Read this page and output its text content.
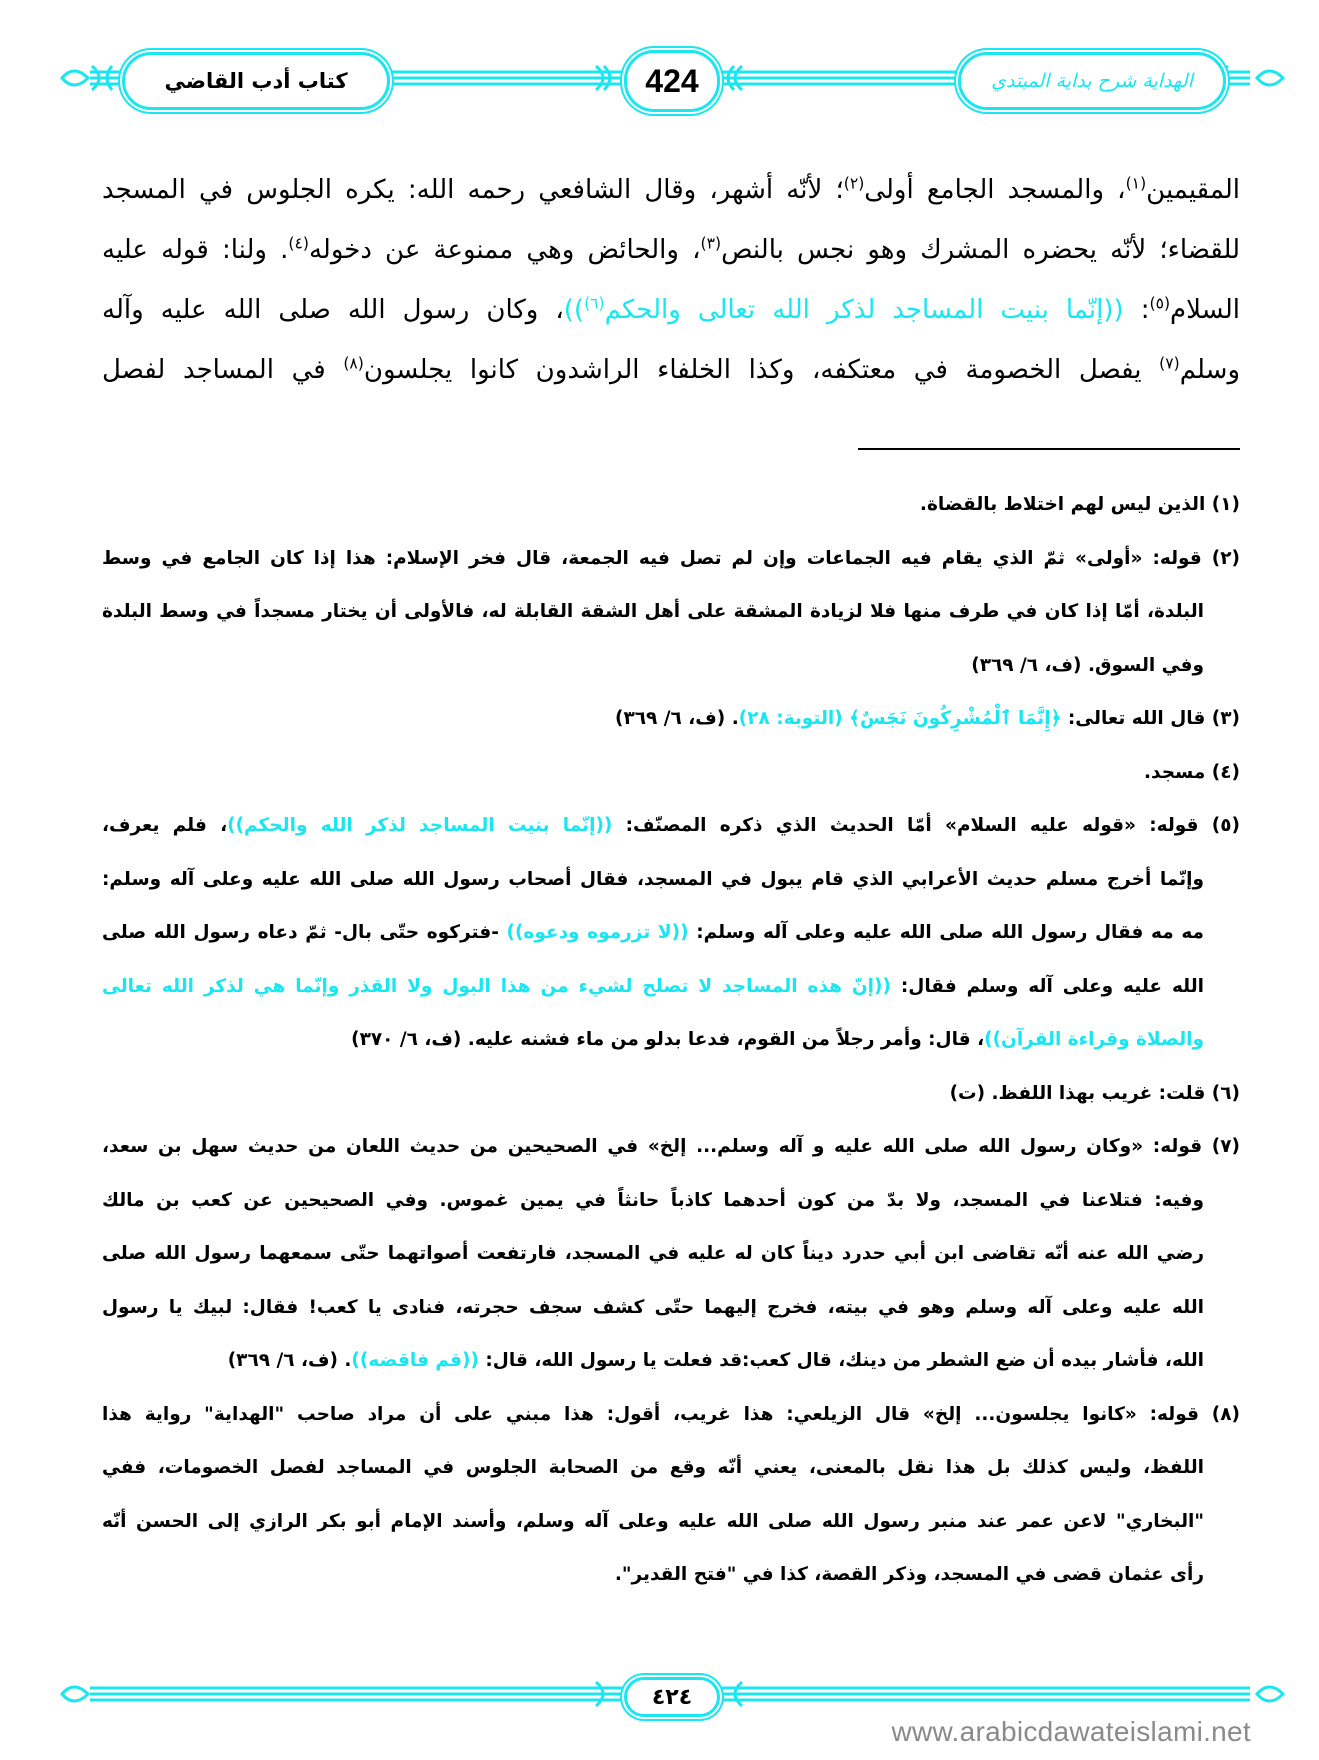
كتاب أدب القاضي	424	الهداية شرح بداية المبتدي
المقيمين$^{(١)}$، والمسجد الجامع أولى$^{(٢)}$؛ لأنّه أشهر، وقال الشافعي رحمه الله: يكره الجلوس في المسجد
للقضاء؛ لأنّه يحضره المشرك وهو نجس بالنص$^{(٣)}$، والحائض وهي ممنوعة عن دخوله$^{(٤)}$. ولنا: قوله عليه
السلام$^{(٥)}$: ((إنّما بنيت المساجد لذكر الله تعالى والحكم$^{(٦)}$))، وكان رسول الله صلى الله عليه وآله
وسلم$^{(٧)}$ يفصل الخصومة في معتكفه، وكذا الخلفاء الراشدون كانوا يجلسون$^{(٨)}$ في المساجد لفصل
(١) الذين ليس لهم اختلاط بالقضاة.
(٢) قوله: «أولى» ثمّ الذي يقام فيه الجماعات وإن لم تصل فيه الجمعة، قال فخر الإسلام: هذا إذا كان الجامع في وسط
البلدة، أمّا إذا كان في طرف منها فلا لزيادة المشقة على أهل الشقة القابلة له، فالأولى أن يختار مسجداً في وسط البلدة
وفي السوق. (ف، ٦/ ٣٦٩)
(٣) قال الله تعالى: ﴿إِنَّمَا ٱلْمُشْرِكُونَ نَجَسٌ﴾ (التوبة: ٢٨). (ف، ٦/ ٣٦٩)
(٤) مسجد.
(٥) قوله: «قوله عليه السلام» أمّا الحديث الذي ذكره المصنّف: ((إنّما بنيت المساجد لذكر الله والحكم))، فلم يعرف،
وإنّما أخرج مسلم حديث الأعرابي الذي قام يبول في المسجد، فقال أصحاب رسول الله صلى الله عليه وعلى آله وسلم:
مه مه فقال رسول الله صلى الله عليه وعلى آله وسلم: ((لا تزرموه ودعوه)) -فتركوه حتّى بال- ثمّ دعاه رسول الله صلى
الله عليه وعلى آله وسلم فقال: ((إنّ هذه المساجد لا تصلح لشيء من هذا البول ولا القذر وإنّما هي لذكر الله تعالى
والصلاة وقراءة القرآن))، قال: وأمر رجلاً من القوم، فدعا بدلو من ماء فشنه عليه. (ف، ٦/ ٣٧٠)
(٦) قلت: غريب بهذا اللفظ. (ت)
(٧) قوله: «وكان رسول الله صلى الله عليه و آله وسلم... إلخ» في الصحيحين من حديث اللعان من حديث سهل بن سعد،
وفيه: فتلاعنا في المسجد، ولا بدّ من كون أحدهما كاذباً حانثاً في يمين غموس. وفي الصحيحين عن كعب بن مالك
رضي الله عنه أنّه تقاضى ابن أبي حدرد ديناً كان له عليه في المسجد، فارتفعت أصواتهما حتّى سمعهما رسول الله صلى
الله عليه وعلى آله وسلم وهو في بيته، فخرج إليهما حتّى كشف سجف حجرته، فنادى يا كعب! فقال: لبيك يا رسول
الله، فأشار بيده أن ضع الشطر من دينك، قال كعب:قد فعلت يا رسول الله، قال: ((قم فاقضه)). (ف، ٦/ ٣٦٩)
(٨) قوله: «كانوا يجلسون... إلخ» قال الزيلعي: هذا غريب، أقول: هذا مبني على أن مراد صاحب "الهداية" رواية هذا
اللفظ، وليس كذلك بل هذا نقل بالمعنى، يعني أنّه وقع من الصحابة الجلوس في المساجد لفصل الخصومات، ففي
"البخاري" لاعن عمر عند منبر رسول الله صلى الله عليه وعلى آله وسلم، وأسند الإمام أبو بكر الرازي إلى الحسن أنّه
رأى عثمان قضى في المسجد، وذكر القصة، كذا في "فتح القدير".
٤٢٤
www.arabicdawateislami.net
